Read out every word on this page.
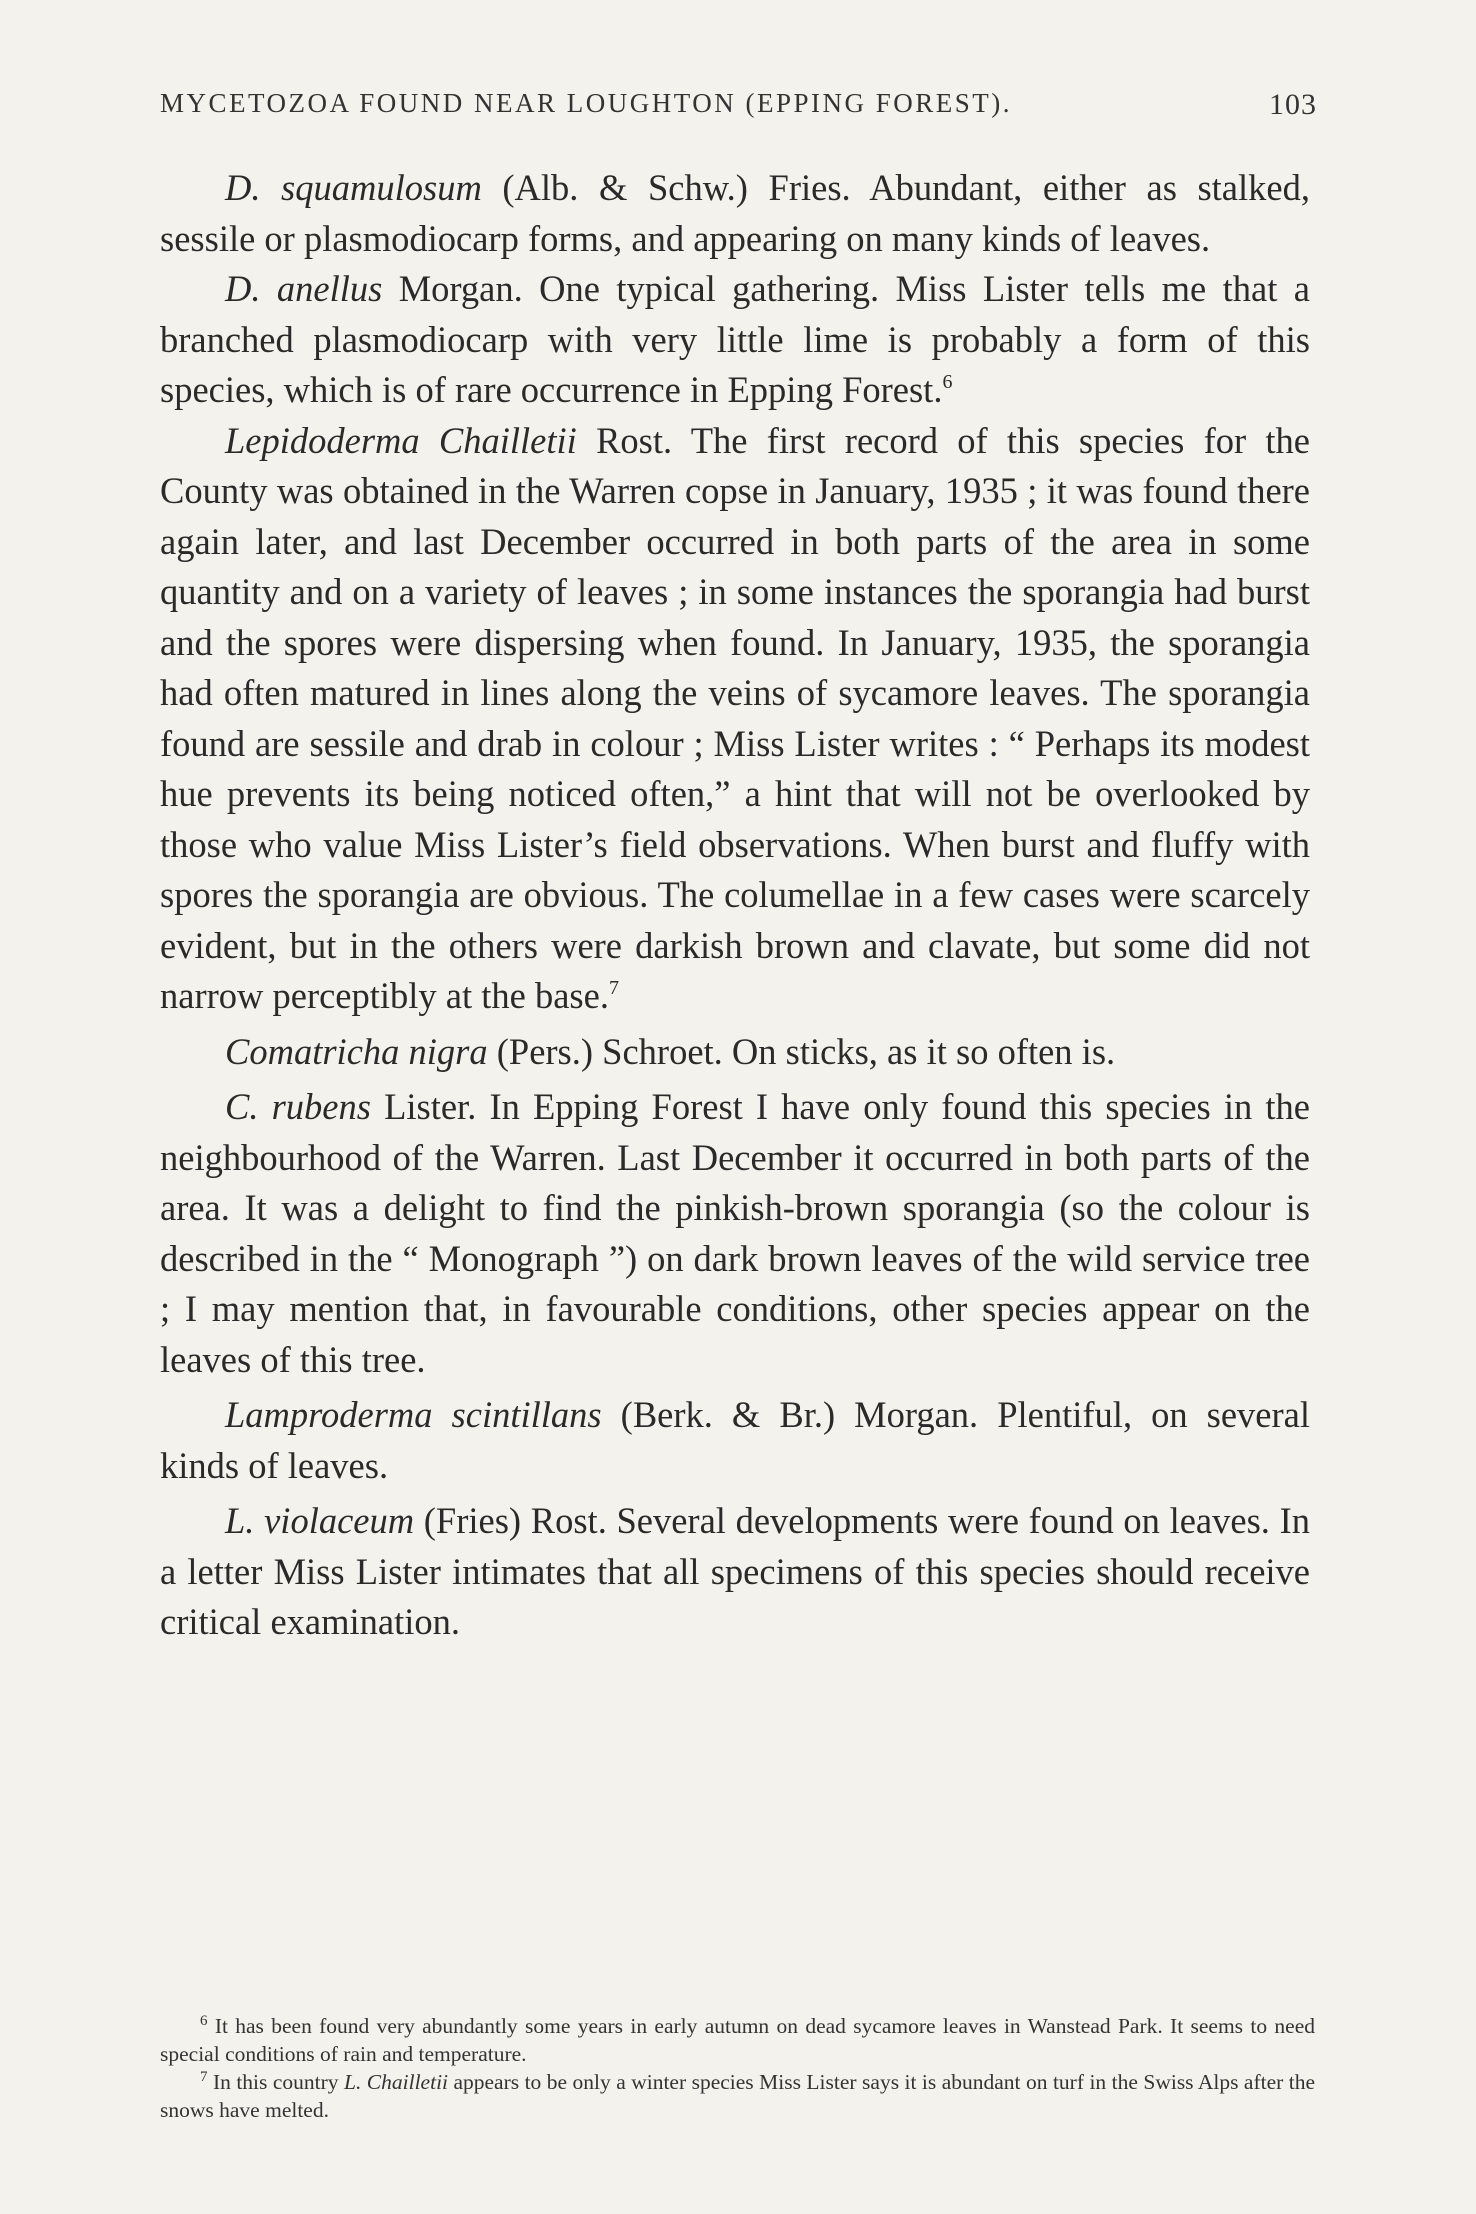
MYCETOZOA FOUND NEAR LOUGHTON (EPPING FOREST).	103

D. squamulosum (Alb. & Schw.) Fries. Abundant, either as stalked, sessile or plasmodiocarp forms, and appearing on many kinds of leaves.

D. anellus Morgan. One typical gathering. Miss Lister tells me that a branched plasmodiocarp with very little lime is probably a form of this species, which is of rare occurrence in Epping Forest.$^6$

Lepidoderma Chailletii Rost. The first record of this species for the County was obtained in the Warren copse in January, 1935 ; it was found there again later, and last December occurred in both parts of the area in some quantity and on a variety of leaves ; in some instances the sporangia had burst and the spores were dispersing when found. In January, 1935, the sporangia had often matured in lines along the veins of sycamore leaves. The sporangia found are sessile and drab in colour ; Miss Lister writes : “ Perhaps its modest hue prevents its being noticed often,” a hint that will not be overlooked by those who value Miss Lister’s field observations. When burst and fluffy with spores the sporangia are obvious. The columellae in a few cases were scarcely evident, but in the others were darkish brown and clavate, but some did not narrow perceptibly at the base.$^7$

Comatricha nigra (Pers.) Schroet. On sticks, as it so often is.

C. rubens Lister. In Epping Forest I have only found this species in the neighbourhood of the Warren. Last December it occurred in both parts of the area. It was a delight to find the pinkish-brown sporangia (so the colour is described in the “ Monograph ”) on dark brown leaves of the wild service tree ; I may mention that, in favourable conditions, other species appear on the leaves of this tree.

Lamproderma scintillans (Berk. & Br.) Morgan. Plentiful, on several kinds of leaves.

L. violaceum (Fries) Rost. Several developments were found on leaves. In a letter Miss Lister intimates that all specimens of this species should receive critical examination.

$^6$ It has been found very abundantly some years in early autumn on dead sycamore leaves in Wanstead Park. It seems to need special conditions of rain and temperature.

$^7$ In this country L. Chailletii appears to be only a winter species Miss Lister says it is abundant on turf in the Swiss Alps after the snows have melted.
